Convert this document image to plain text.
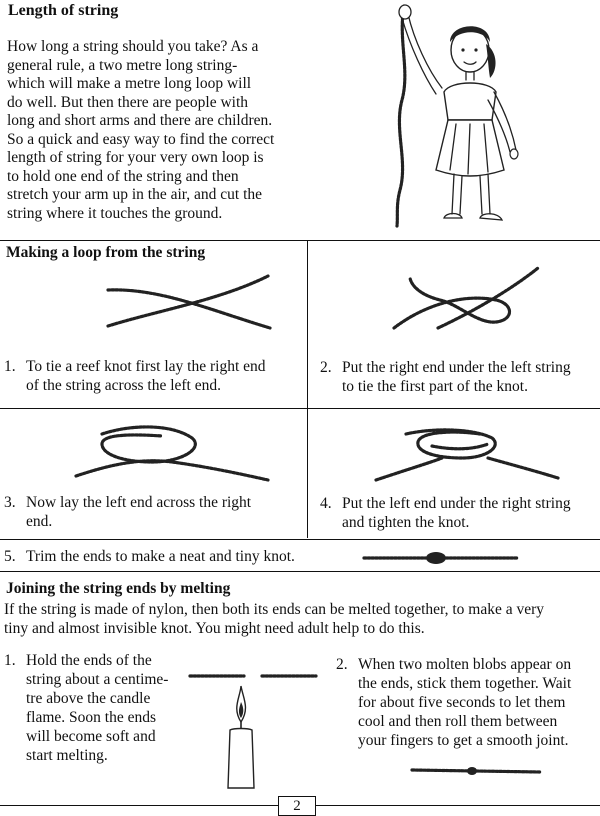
Length of string
How long a string should you take? As a
general rule, a two metre long string-
which will make a metre long loop will
do well. But then there are people with
long and short arms and there are children.
So a quick and easy way to find the correct
length of string for your very own loop is
to hold one end of the string and then
stretch your arm up in the air, and cut the
string where it touches the ground.
Making a loop from the string
1. To tie a reef knot first lay the right end
of the string across the left end.
2. Put the right end under the left string
to tie the first part of the knot.
3. Now lay the left end across the right
end.
4. Put the left end under the right string
and tighten the knot.
5. Trim the ends to make a neat and tiny knot.
Joining the string ends by melting
If the string is made of nylon, then both its ends can be melted together, to make a very
tiny and almost invisible knot. You might need adult help to do this.
1. Hold the ends of the
string about a centime-
tre above the candle
flame. Soon the ends
will become soft and
start melting.
2. When two molten blobs appear on
the ends, stick them together. Wait
for about five seconds to let them
cool and then roll them between
your fingers to get a smooth joint.
2
